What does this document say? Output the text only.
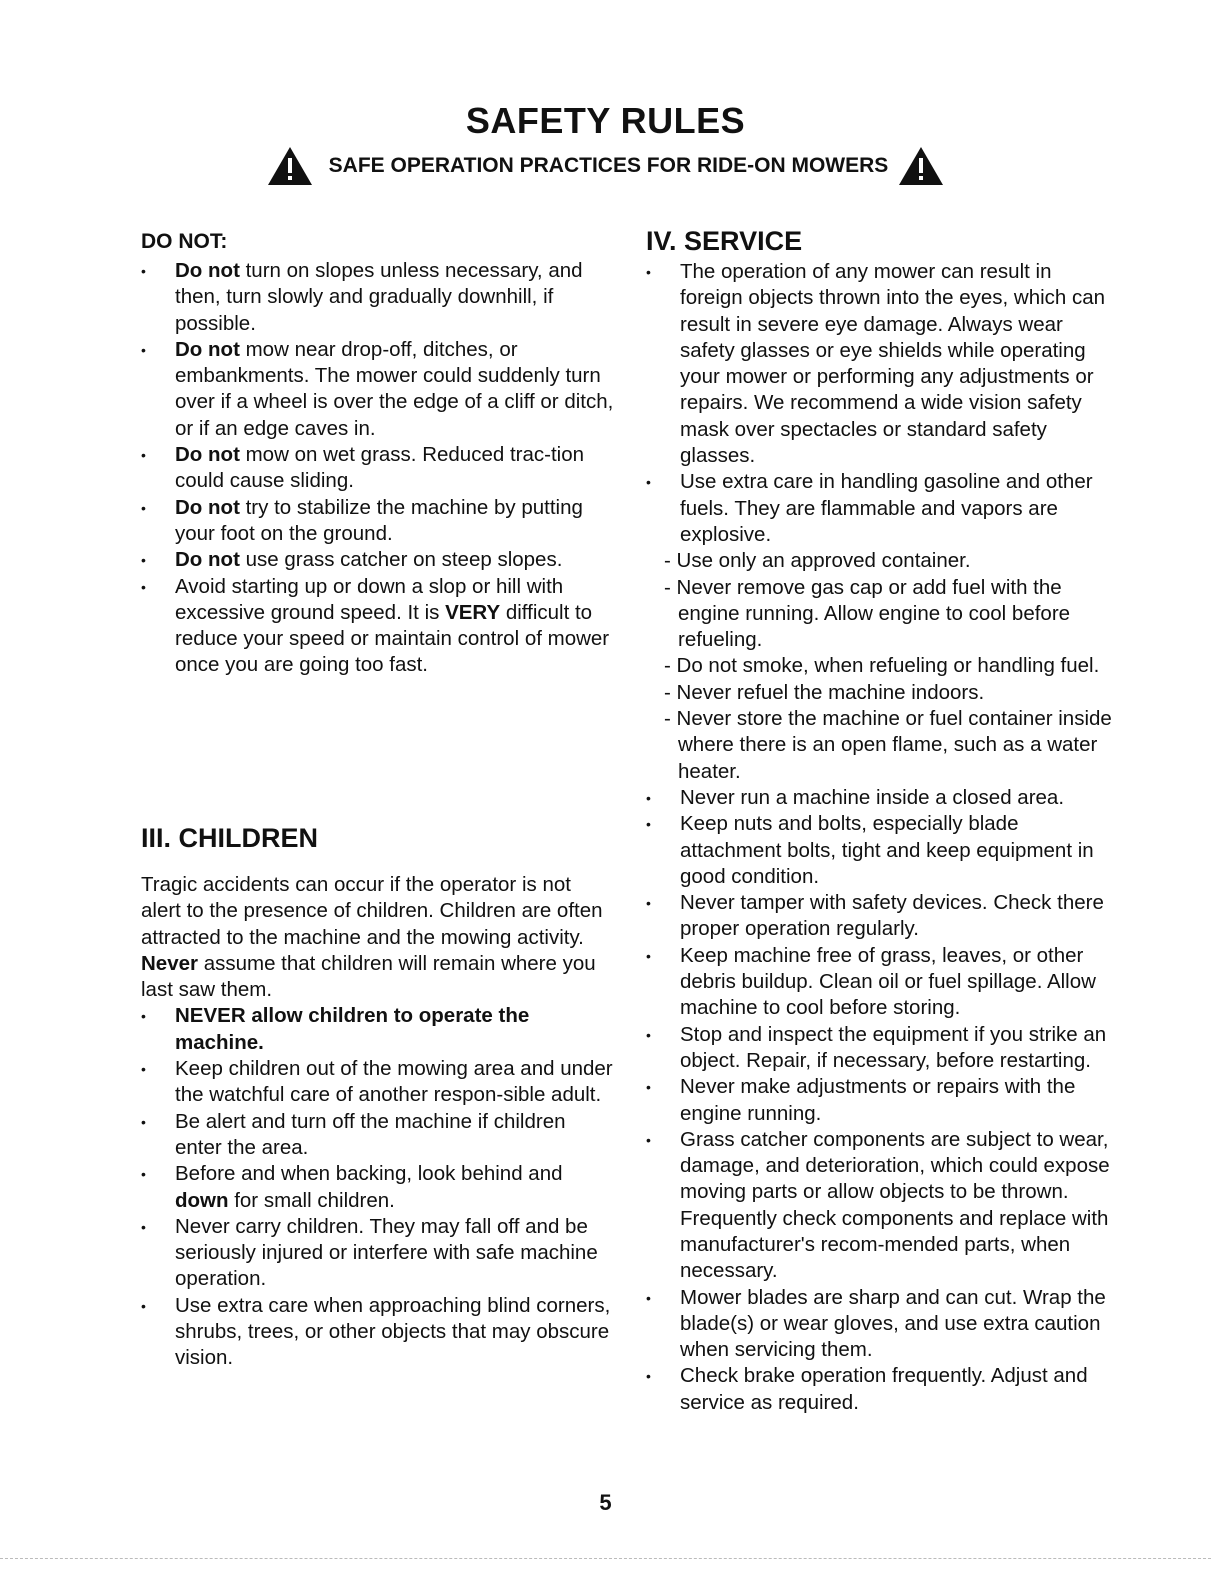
SAFETY RULES
SAFE OPERATION PRACTICES FOR RIDE-ON MOWERS
DO NOT:
• Do not turn on slopes unless necessary, and then, turn slowly and gradually downhill, if possible.
• Do not mow near drop-off, ditches, or embankments. The mower could suddenly turn over if a wheel is over the edge of a cliff or ditch, or if an edge caves in.
• Do not mow on wet grass. Reduced trac-tion could cause sliding.
• Do not try to stabilize the machine by putting your foot on the ground.
• Do not use grass catcher on steep slopes.
• Avoid starting up or down a slop or hill with excessive ground speed. It is VERY difficult to reduce your speed or maintain control of mower once you are going too fast.
III. CHILDREN

Tragic accidents can occur if the operator is not alert to the presence of children. Children are often attracted to the machine and the mowing activity. Never assume that children will remain where you last saw them.

• NEVER allow children to operate the machine.
• Keep children out of the mowing area and under the watchful care of another respon-sible adult.
• Be alert and turn off the machine if children enter the area.
• Before and when backing, look behind and down for small children.
• Never carry children. They may fall off and be seriously injured or interfere with safe machine operation.
• Use extra care when approaching blind corners, shrubs, trees, or other objects that may obscure vision.
IV. SERVICE
• The operation of any mower can result in foreign objects thrown into the eyes, which can result in severe eye damage. Always wear safety glasses or eye shields while operating your mower or performing any adjustments or repairs. We recommend a wide vision safety mask over spectacles or standard safety glasses.
• Use extra care in handling gasoline and other fuels. They are flammable and vapors are explosive.
- Use only an approved container.
- Never remove gas cap or add fuel with the engine running. Allow engine to cool before refueling.
- Do not smoke, when refueling or handling fuel.
- Never refuel the machine indoors.
- Never store the machine or fuel container inside where there is an open flame, such as a water heater.
• Never run a machine inside a closed area.
• Keep nuts and bolts, especially blade attachment bolts, tight and keep equipment in good condition.
• Never tamper with safety devices. Check there proper operation regularly.
• Keep machine free of grass, leaves, or other debris buildup. Clean oil or fuel spillage. Allow machine to cool before storing.
• Stop and inspect the equipment if you strike an object. Repair, if necessary, before restarting.
• Never make adjustments or repairs with the engine running.
• Grass catcher components are subject to wear, damage, and deterioration, which could expose moving parts or allow objects to be thrown. Frequently check components and replace with manufacturer's recom-mended parts, when necessary.
• Mower blades are sharp and can cut. Wrap the blade(s) or wear gloves, and use extra caution when servicing them.
• Check brake operation frequently. Adjust and service as required.
5
